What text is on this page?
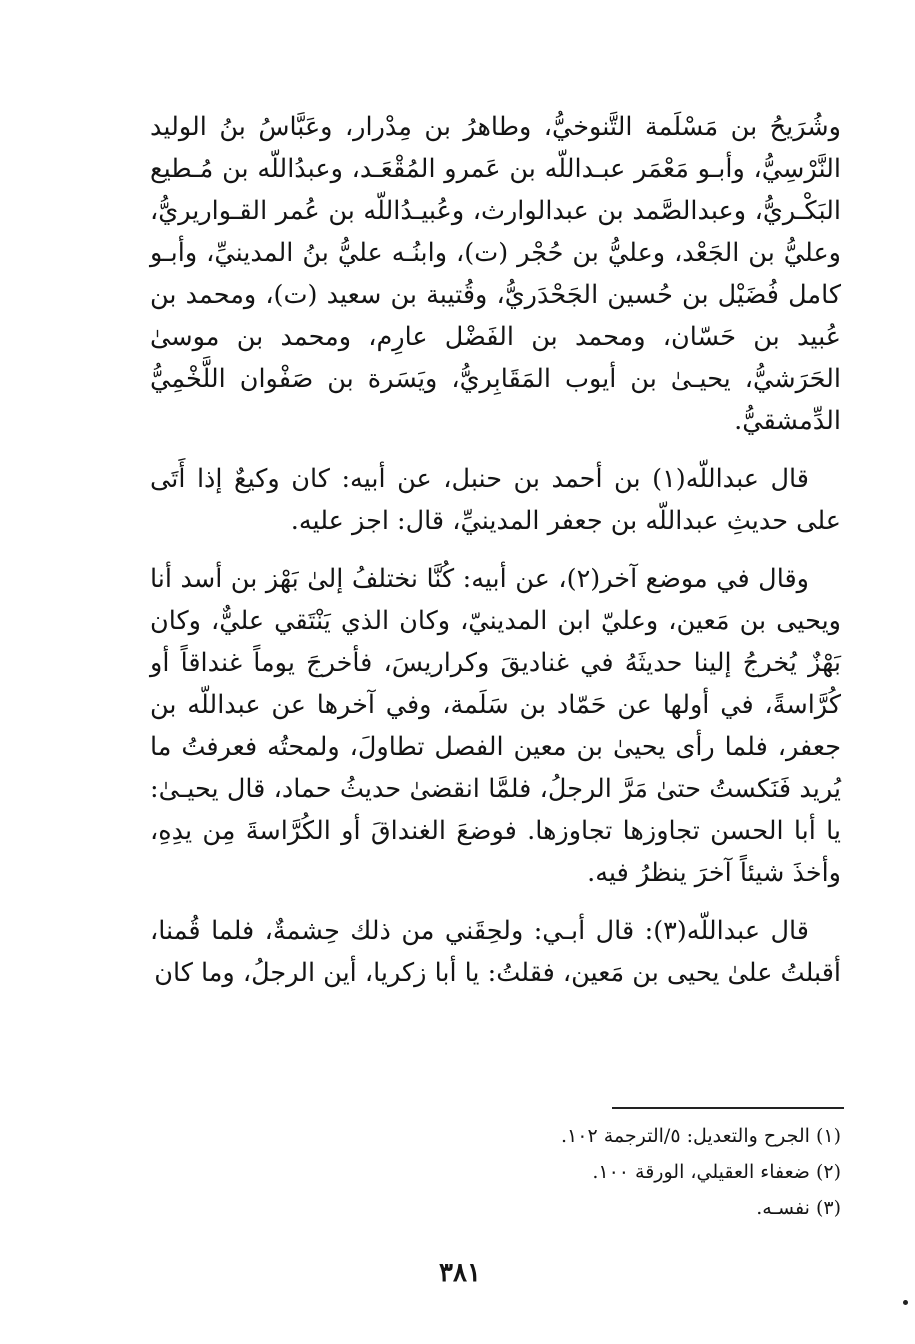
وشُرَيحُ بن مَسْلَمة التَّنوخيُّ، وطاهرُ بن مِدْرار، وعَبَّاسُ بنُ الوليد النَّرْسِيُّ، وأبـو مَعْمَر عبـداللّه بن عَمرو المُقْعَـد، وعبدُاللّه بن مُـطيع البَكْـريُّ، وعبدالصَّمد بن عبدالوارث، وعُبيـدُاللّه بن عُمر القـواريريُّ، وعليُّ بن الجَعْد، وعليُّ بن حُجْر (ت)، وابنُـه عليُّ بنُ المدينيِّ، وأبـو كامل فُضَيْل بن حُسين الجَحْدَريُّ، وقُتيبة بن سعيد (ت)، ومحمد بن عُبيد بن حَسّان، ومحمد بن الفَضْل عارِم، ومحمد بن موسىٰ الحَرَشيُّ، يحيـىٰ بن أيوب المَقَابِريُّ، ويَسَرة بن صَفْوان اللَّخْمِيُّ الدِّمشقيُّ.

قال عبداللّه(١) بن أحمد بن حنبل، عن أبيه: كان وكيعٌ إذا أَتَى على حديثِ عبداللّه بن جعفر المدينيِّ، قال: اجز عليه.

وقال في موضع آخر(٢)، عن أبيه: كُنَّا نختلفُ إلىٰ بَهْز بن أسد أنا ويحيى بن مَعين، وعليّ ابن المدينيّ، وكان الذي يَنْتَقي عليٌّ، وكان بَهْزٌ يُخرجُ إلينا حديثَهُ في غناديقَ وكراريسَ، فأخرجَ يوماً غنداقاً أو كُرَّاسةً، في أولها عن حَمّاد بن سَلَمة، وفي آخرها عن عبداللّه بن جعفر، فلما رأى يحيىٰ بن معين الفصل تطاولَ، ولمحتُه فعرفتُ ما يُريد فَنَكستُ حتىٰ مَرَّ الرجلُ، فلمَّا انقضىٰ حديثُ حماد، قال يحيـىٰ: يا أبا الحسن تجاوزها تجاوزها. فوضعَ الغنداقَ أو الكُرَّاسةَ مِن يدِهِ، وأخذَ شيئاً آخرَ ينظرُ فيه.

قال عبداللّه(٣): قال أبـي: ولحِقَني من ذلك حِشمةٌ، فلما قُمنا، أقبلتُ علىٰ يحيى بن مَعين، فقلتُ: يا أبا زكريا، أين الرجلُ، وما كان

(١) الجرح والتعديل: ٥/الترجمة ١٠٢.

(٢) ضعفاء العقيلي، الورقة ١٠٠.

(٣) نفسـه.

٣٨١
